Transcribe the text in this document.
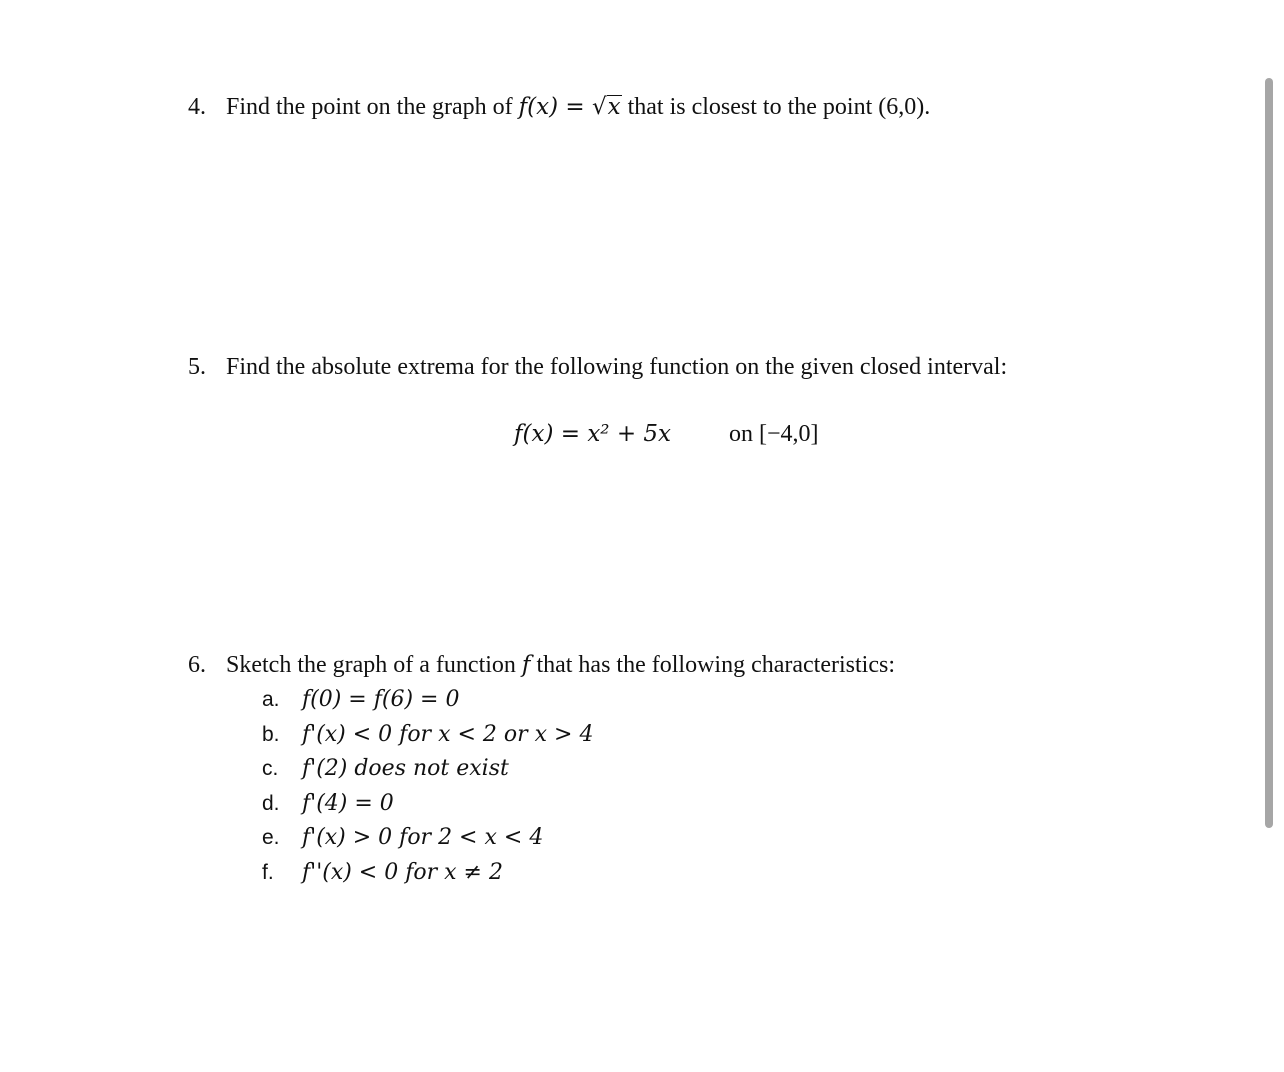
4. Find the point on the graph of f(x) = √x that is closest to the point (6,0).
5. Find the absolute extrema for the following function on the given closed interval:
f(x) = x² + 5x on [−4,0]
6. Sketch the graph of a function f that has the following characteristics:
a. f(0) = f(6) = 0
b. f'(x) < 0 for x < 2 or x > 4
c. f'(2) does not exist
d. f'(4) = 0
e. f'(x) > 0 for 2 < x < 4
f. f''(x) < 0 for x ≠ 2
